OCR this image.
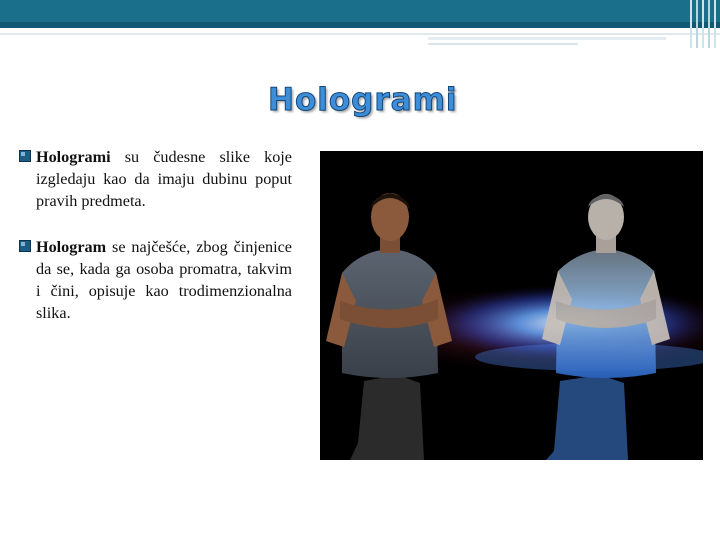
Hologrami
Hologrami su čudesne slike koje izgledaju kao da imaju dubinu poput pravih predmeta.
Hologram se najčešće, zbog činjenice da se, kada ga osoba promatra, takvim i čini, opisuje kao trodimenzionalna slika.
